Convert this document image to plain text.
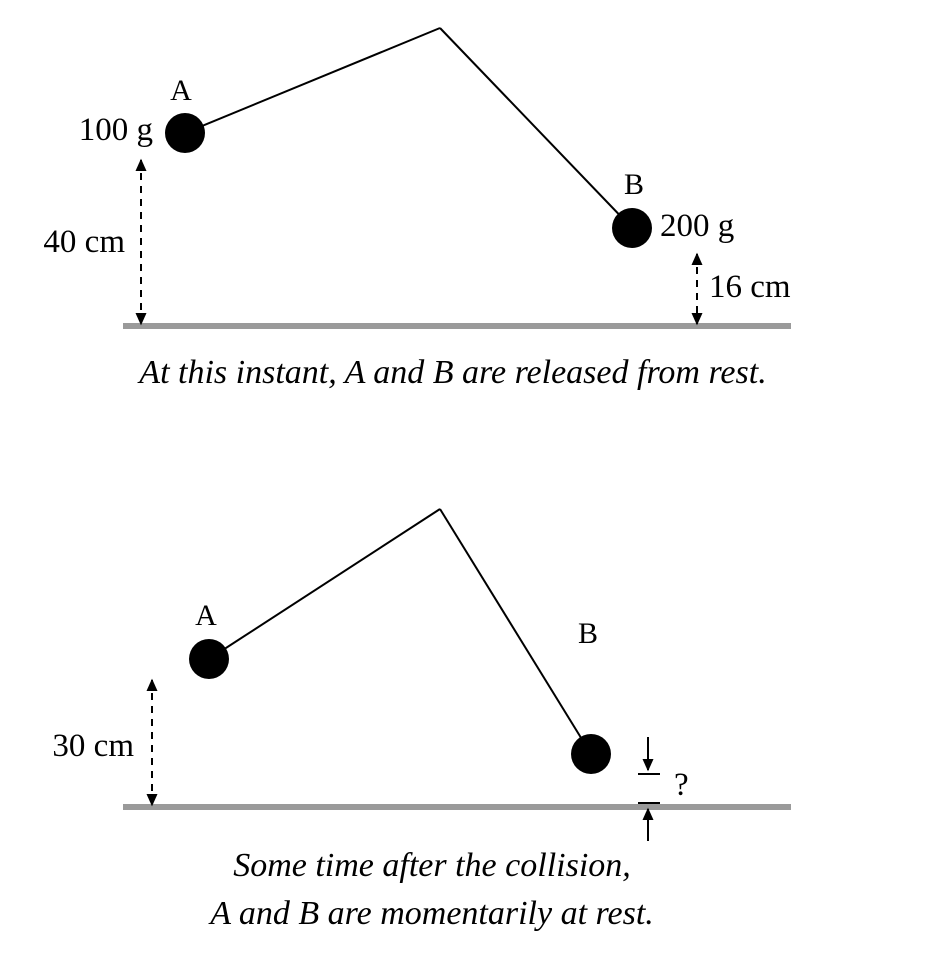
A
100 g
B
200 g
40 cm
16 cm
At this instant, A and B are released from rest.
A
B
30 cm
?
Some time after the collision,
A and B are momentarily at rest.
